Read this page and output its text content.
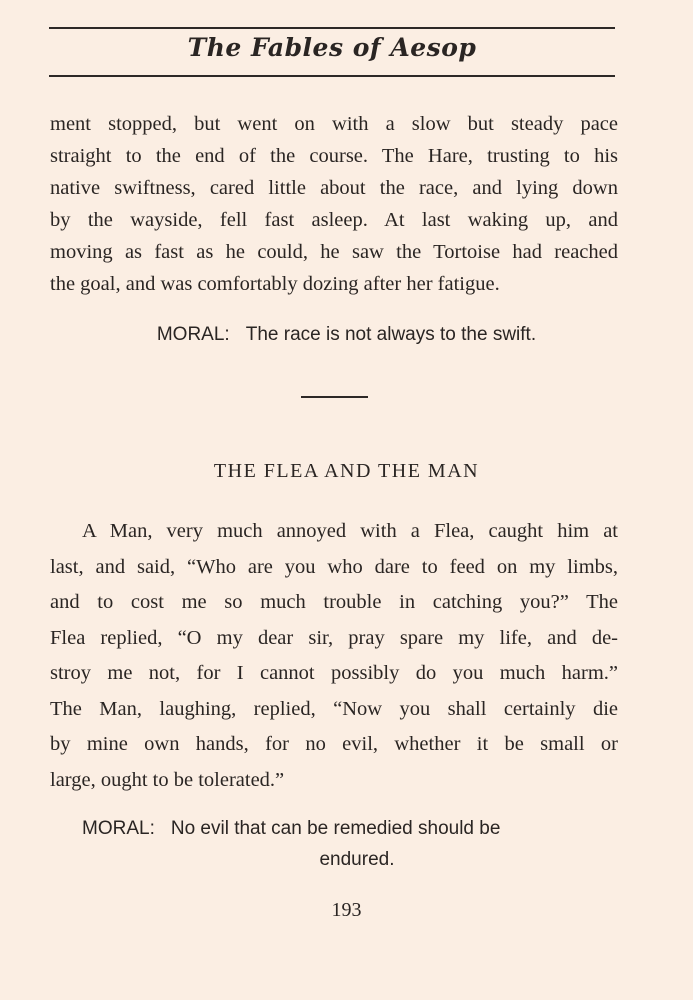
The Fables of Aesop
ment stopped, but went on with a slow but steady pace
straight to the end of the course. The Hare, trusting to his
native swiftness, cared little about the race, and lying down
by the wayside, fell fast asleep. At last waking up, and
moving as fast as he could, he saw the Tortoise had reached
the goal, and was comfortably dozing after her fatigue.
MORAL: The race is not always to the swift.
THE FLEA AND THE MAN
A Man, very much annoyed with a Flea, caught him at
last, and said, “Who are you who dare to feed on my limbs,
and to cost me so much trouble in catching you?” The
Flea replied, “O my dear sir, pray spare my life, and de-
stroy me not, for I cannot possibly do you much harm.”
The Man, laughing, replied, “Now you shall certainly die
by mine own hands, for no evil, whether it be small or
large, ought to be tolerated.”
MORAL: No evil that can be remedied should be
endured.
193
